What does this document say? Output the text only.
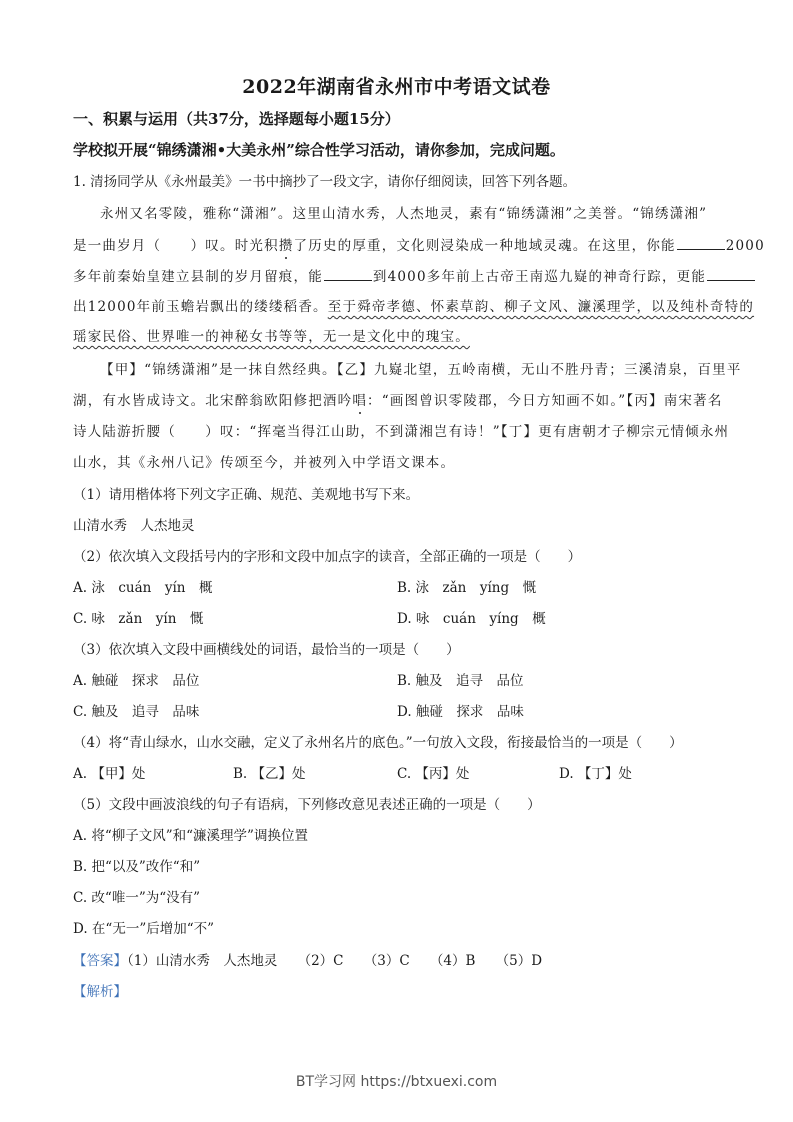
2022年湖南省永州市中考语文试卷
一、积累与运用（共37分，选择题每小题15分）
学校拟开展“锦绣潇湘•大美永州”综合性学习活动，请你参加，完成问题。
1. 清扬同学从《永州最美》一书中摘抄了一段文字，请你仔细阅读，回答下列各题。
永州又名零陵，雅称“潇湘”。这里山清水秀，人杰地灵，素有“锦绣潇湘”之美誉。“锦绣潇湘”
是一曲岁月（　　）叹。时光积攒了历史的厚重，文化则浸染成一种地域灵魂。在这里，你能	2000
多年前秦始皇建立县制的岁月留痕，能	到4000多年前上古帝王南巡九嶷的神奇行踪，更能
出12000年前玉蟾岩飘出的缕缕稻香。至于舜帝孝德、怀素草韵、柳子文风、濂溪理学，以及纯朴奇特的
瑶家民俗、世界唯一的神秘女书等等，无一是文化中的瑰宝。
【甲】“锦绣潇湘”是一抹自然经典。【乙】九嶷北望，五岭南横，无山不胜丹青；三溪清泉，百里平
湖，有水皆成诗文。北宋醉翁欧阳修把酒吟唱：“画图曾识零陵郡，今日方知画不如。”【丙】南宋著名
诗人陆游折腰（　　）叹：“挥毫当得江山助，不到潇湘岂有诗！”【丁】更有唐朝才子柳宗元情倾永州
山水，其《永州八记》传颂至今，并被列入中学语文课本。
（1）请用楷体将下列文字正确、规范、美观地书写下来。
山清水秀　人杰地灵
（2）依次填入文段括号内的字形和文段中加点字的读音，全部正确的一项是（　　）
A. 泳　cuán　yín　概	B. 泳　zǎn　yíng　慨
C. 咏　zǎn　yín　慨	D. 咏　cuán　yíng　概
（3）依次填入文段中画横线处的词语，最恰当的一项是（　　）
A. 触碰　探求　品位	B. 触及　追寻　品位
C. 触及　追寻　品味	D. 触碰　探求　品味
（4）将“青山绿水，山水交融，定义了永州名片的底色。”一句放入文段，衔接最恰当的一项是（　　）
A. 【甲】处	B. 【乙】处	C. 【丙】处	D. 【丁】处
（5）文段中画波浪线的句子有语病，下列修改意见表述正确的一项是（　　）
A. 将“柳子文风”和“濂溪理学”调换位置
B. 把“以及”改作“和”
C. 改“唯一”为“没有”
D. 在“无一”后增加“不”
【答案】（1）山清水秀　人杰地灵　　（2）C　　（3）C　　（4）B　　（5）D
【解析】
BT学习网 https://btxuexi.com
